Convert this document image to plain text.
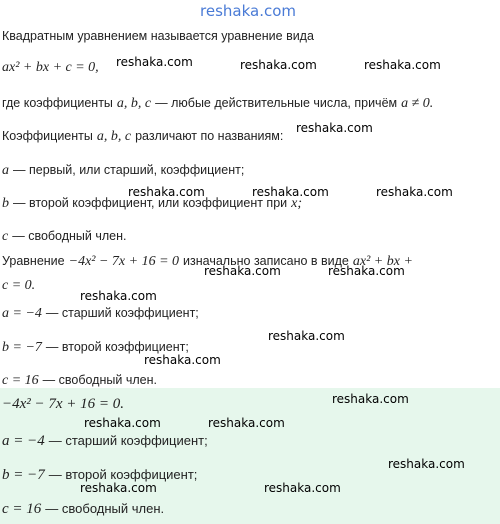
reshaka.com
Квадратным уравнением называется уравнение вида
ax² + bx + c = 0,
где коэффициенты a, b, c — любые действительные числа, причём a ≠ 0.
Коэффициенты a, b, c различают по названиям:
a — первый, или старший, коэффициент;
b — второй коэффициент, или коэффициент при x;
c — свободный член.
Уравнение −4x² − 7x + 16 = 0 изначально записано в виде ax² + bx +
c = 0.
a = −4 — старший коэффициент;
b = −7 — второй коэффициент;
c = 16 — свободный член.
−4x² − 7x + 16 = 0.
a = −4 — старший коэффициент;
b = −7 — второй коэффициент;
c = 16 — свободный член.
reshaka.com	reshaka.com	reshaka.com
reshaka.com
reshaka.com	reshaka.com	reshaka.com
reshaka.com	reshaka.com
reshaka.com
reshaka.com
reshaka.com
reshaka.com
reshaka.com	reshaka.com
reshaka.com
reshaka.com	reshaka.com
